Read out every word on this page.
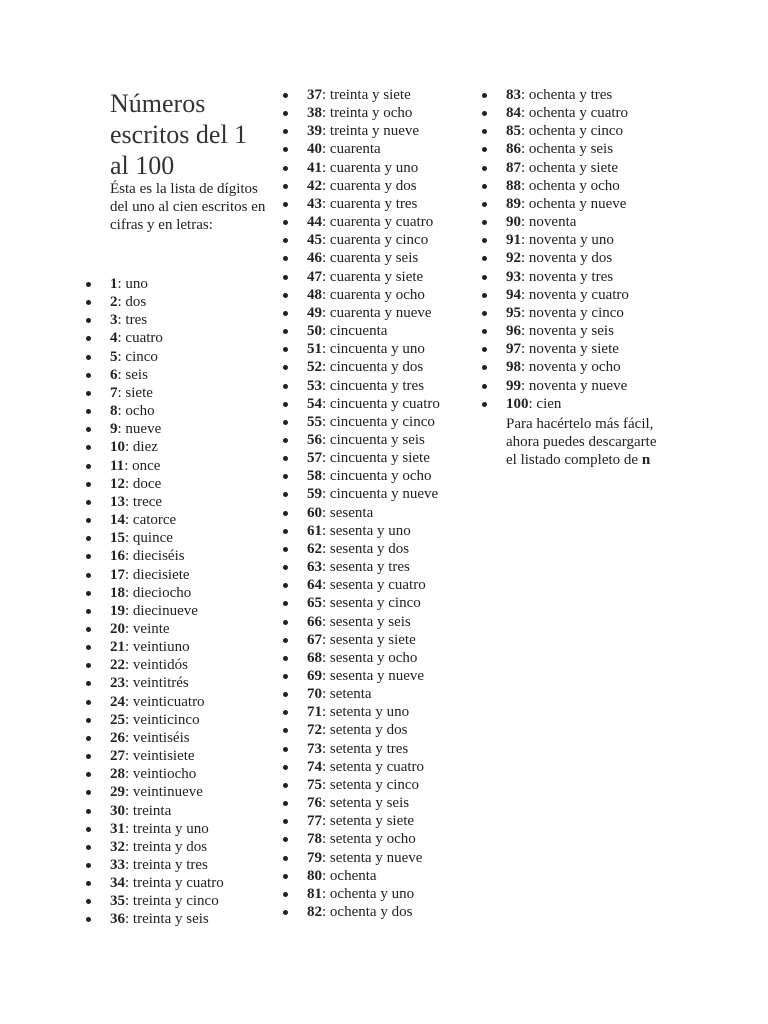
Números escritos del 1 al 100

Ésta es la lista de dígitos del uno al cien escritos en cifras y en letras:

1: uno
2: dos
3: tres
4: cuatro
5: cinco
6: seis
7: siete
8: ocho
9: nueve
10: diez
11: once
12: doce
13: trece
14: catorce
15: quince
16: dieciséis
17: diecisiete
18: dieciocho
19: diecinueve
20: veinte
21: veintiuno
22: veintidós
23: veintitrés
24: veinticuatro
25: veinticinco
26: veintiséis
27: veintisiete
28: veintiocho
29: veintinueve
30: treinta
31: treinta y uno
32: treinta y dos
33: treinta y tres
34: treinta y cuatro
35: treinta y cinco
36: treinta y seis
37: treinta y siete
38: treinta y ocho
39: treinta y nueve
40: cuarenta
41: cuarenta y uno
42: cuarenta y dos
43: cuarenta y tres
44: cuarenta y cuatro
45: cuarenta y cinco
46: cuarenta y seis
47: cuarenta y siete
48: cuarenta y ocho
49: cuarenta y nueve
50: cincuenta
51: cincuenta y uno
52: cincuenta y dos
53: cincuenta y tres
54: cincuenta y cuatro
55: cincuenta y cinco
56: cincuenta y seis
57: cincuenta y siete
58: cincuenta y ocho
59: cincuenta y nueve
60: sesenta
61: sesenta y uno
62: sesenta y dos
63: sesenta y tres
64: sesenta y cuatro
65: sesenta y cinco
66: sesenta y seis
67: sesenta y siete
68: sesenta y ocho
69: sesenta y nueve
70: setenta
71: setenta y uno
72: setenta y dos
73: setenta y tres
74: setenta y cuatro
75: setenta y cinco
76: setenta y seis
77: setenta y siete
78: setenta y ocho
79: setenta y nueve
80: ochenta
81: ochenta y uno
82: ochenta y dos
83: ochenta y tres
84: ochenta y cuatro
85: ochenta y cinco
86: ochenta y seis
87: ochenta y siete
88: ochenta y ocho
89: ochenta y nueve
90: noventa
91: noventa y uno
92: noventa y dos
93: noventa y tres
94: noventa y cuatro
95: noventa y cinco
96: noventa y seis
97: noventa y siete
98: noventa y ocho
99: noventa y nueve
100: cien

Para hacértelo más fácil, ahora puedes descargarte el listado completo de n
